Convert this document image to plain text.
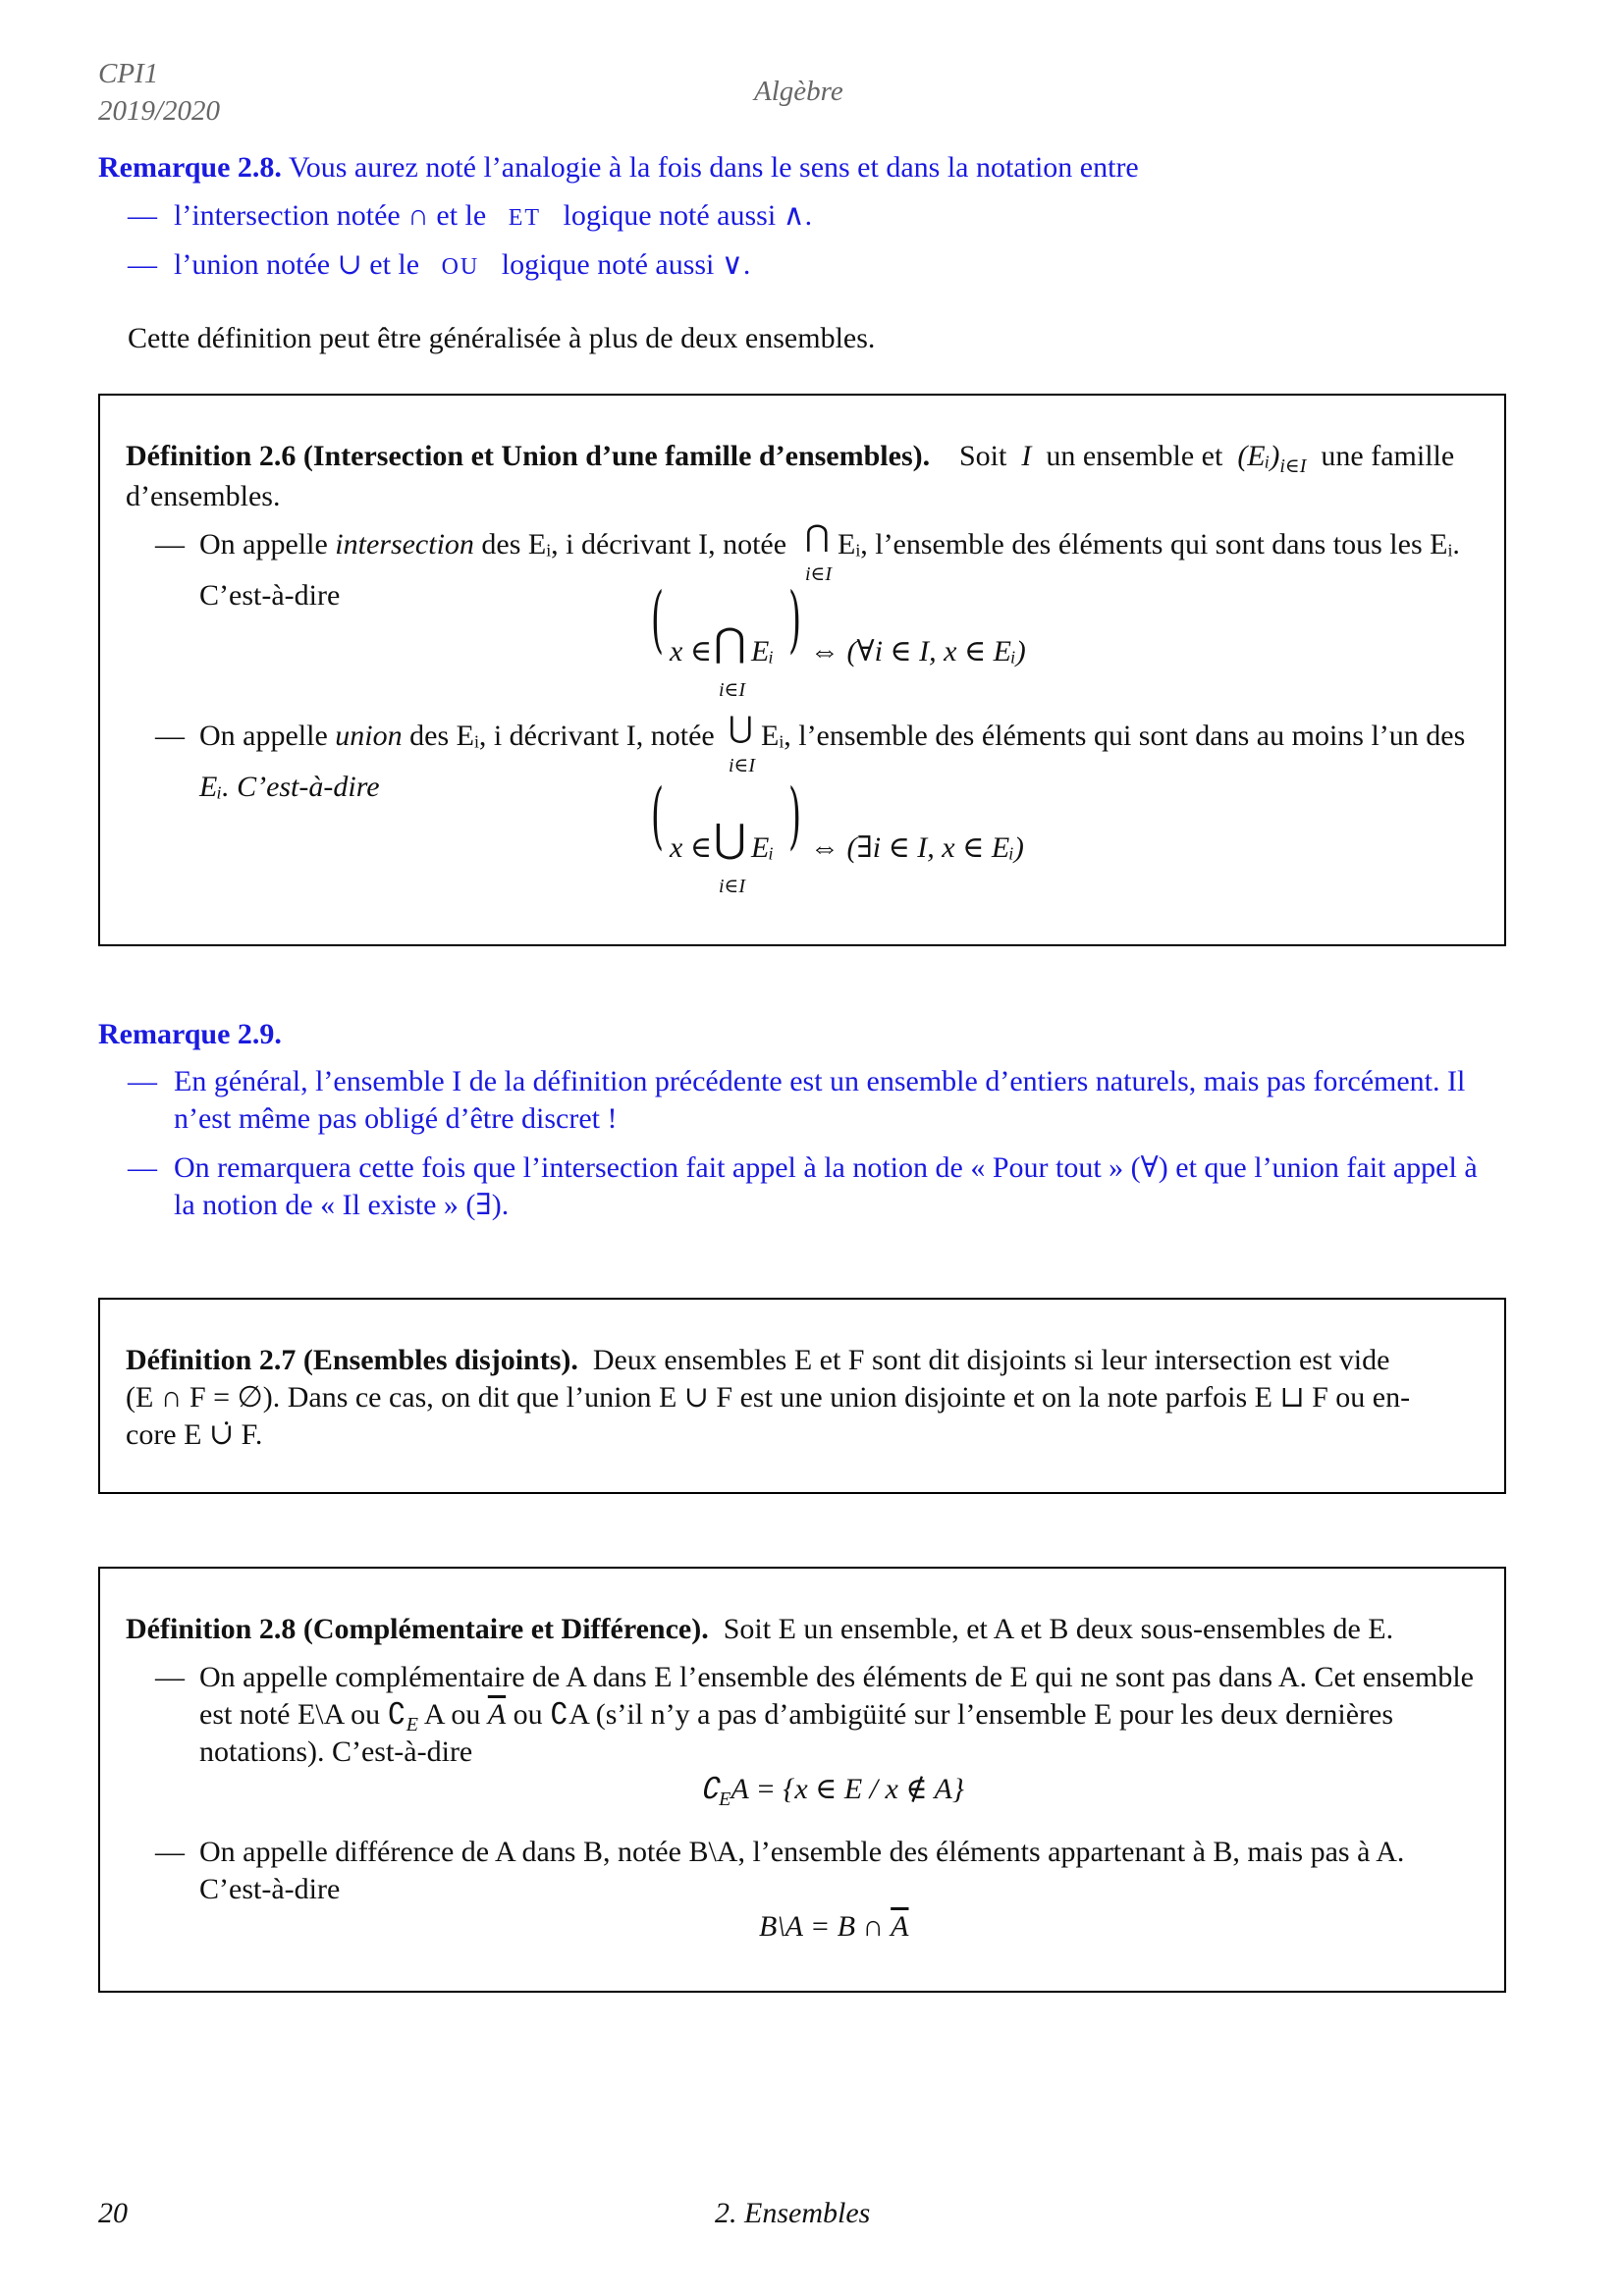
CPI1
2019/2020
Algèbre
Remarque 2.8. Vous aurez noté l’analogie à la fois dans le sens et dans la notation entre
— l’intersection notée ∩ et le ET logique noté aussi ∧.
— l’union notée ∪ et le OU logique noté aussi ∨.
Cette définition peut être généralisée à plus de deux ensembles.
Définition 2.6 (Intersection et Union d’une famille d’ensembles). Soit I un ensemble et $(Eᵢ)_{i\in I}$ une famille
d’ensembles.
— On appelle intersection des Eᵢ, i décrivant I, notée ⋂
i∈I
Eᵢ, l’ensemble des éléments qui sont dans tous les Eᵢ.
C’est-à-dire	( x ∈ ⋂
i∈I
Eᵢ ) ⇔ (∀i ∈ I, x ∈ Eᵢ)
— On appelle union des Eᵢ, i décrivant I, notée ⋃
i∈I
Eᵢ, l’ensemble des éléments qui sont dans au moins l’un des
Eᵢ. C’est-à-dire	( x ∈ ⋃
i∈I
Eᵢ ) ⇔ (∃i ∈ I, x ∈ Eᵢ)
Remarque 2.9.
— En général, l’ensemble I de la définition précédente est un ensemble d’entiers naturels, mais pas forcément. Il
n’est même pas obligé d’être discret !
— On remarquera cette fois que l’intersection fait appel à la notion de « Pour tout » (∀) et que l’union fait appel à
la notion de « Il existe » (∃).
Définition 2.7 (Ensembles disjoints). Deux ensembles E et F sont dit disjoints si leur intersection est vide
(E ∩ F = ∅). Dans ce cas, on dit que l’union E ∪ F est une union disjointe et on la note parfois E ⊔ F ou en-
core E ∪̇ F.
Définition 2.8 (Complémentaire et Différence). Soit E un ensemble, et A et B deux sous-ensembles de E.
— On appelle complémentaire de A dans E l’ensemble des éléments de E qui ne sont pas dans A. Cet ensemble
est noté E\A ou $∁_E$ A ou $\overline{A}$ ou ∁A (s’il n’y a pas d’ambigüité sur l’ensemble E pour les deux dernières
notations). C’est-à-dire
$∁_EA = \{x$ ∈ E / x ∉ A}
— On appelle différence de A dans B, notée B\A, l’ensemble des éléments appartenant à B, mais pas à A.
C’est-à-dire
B\A = B ∩ $\overline{A}$
20	2. Ensembles
